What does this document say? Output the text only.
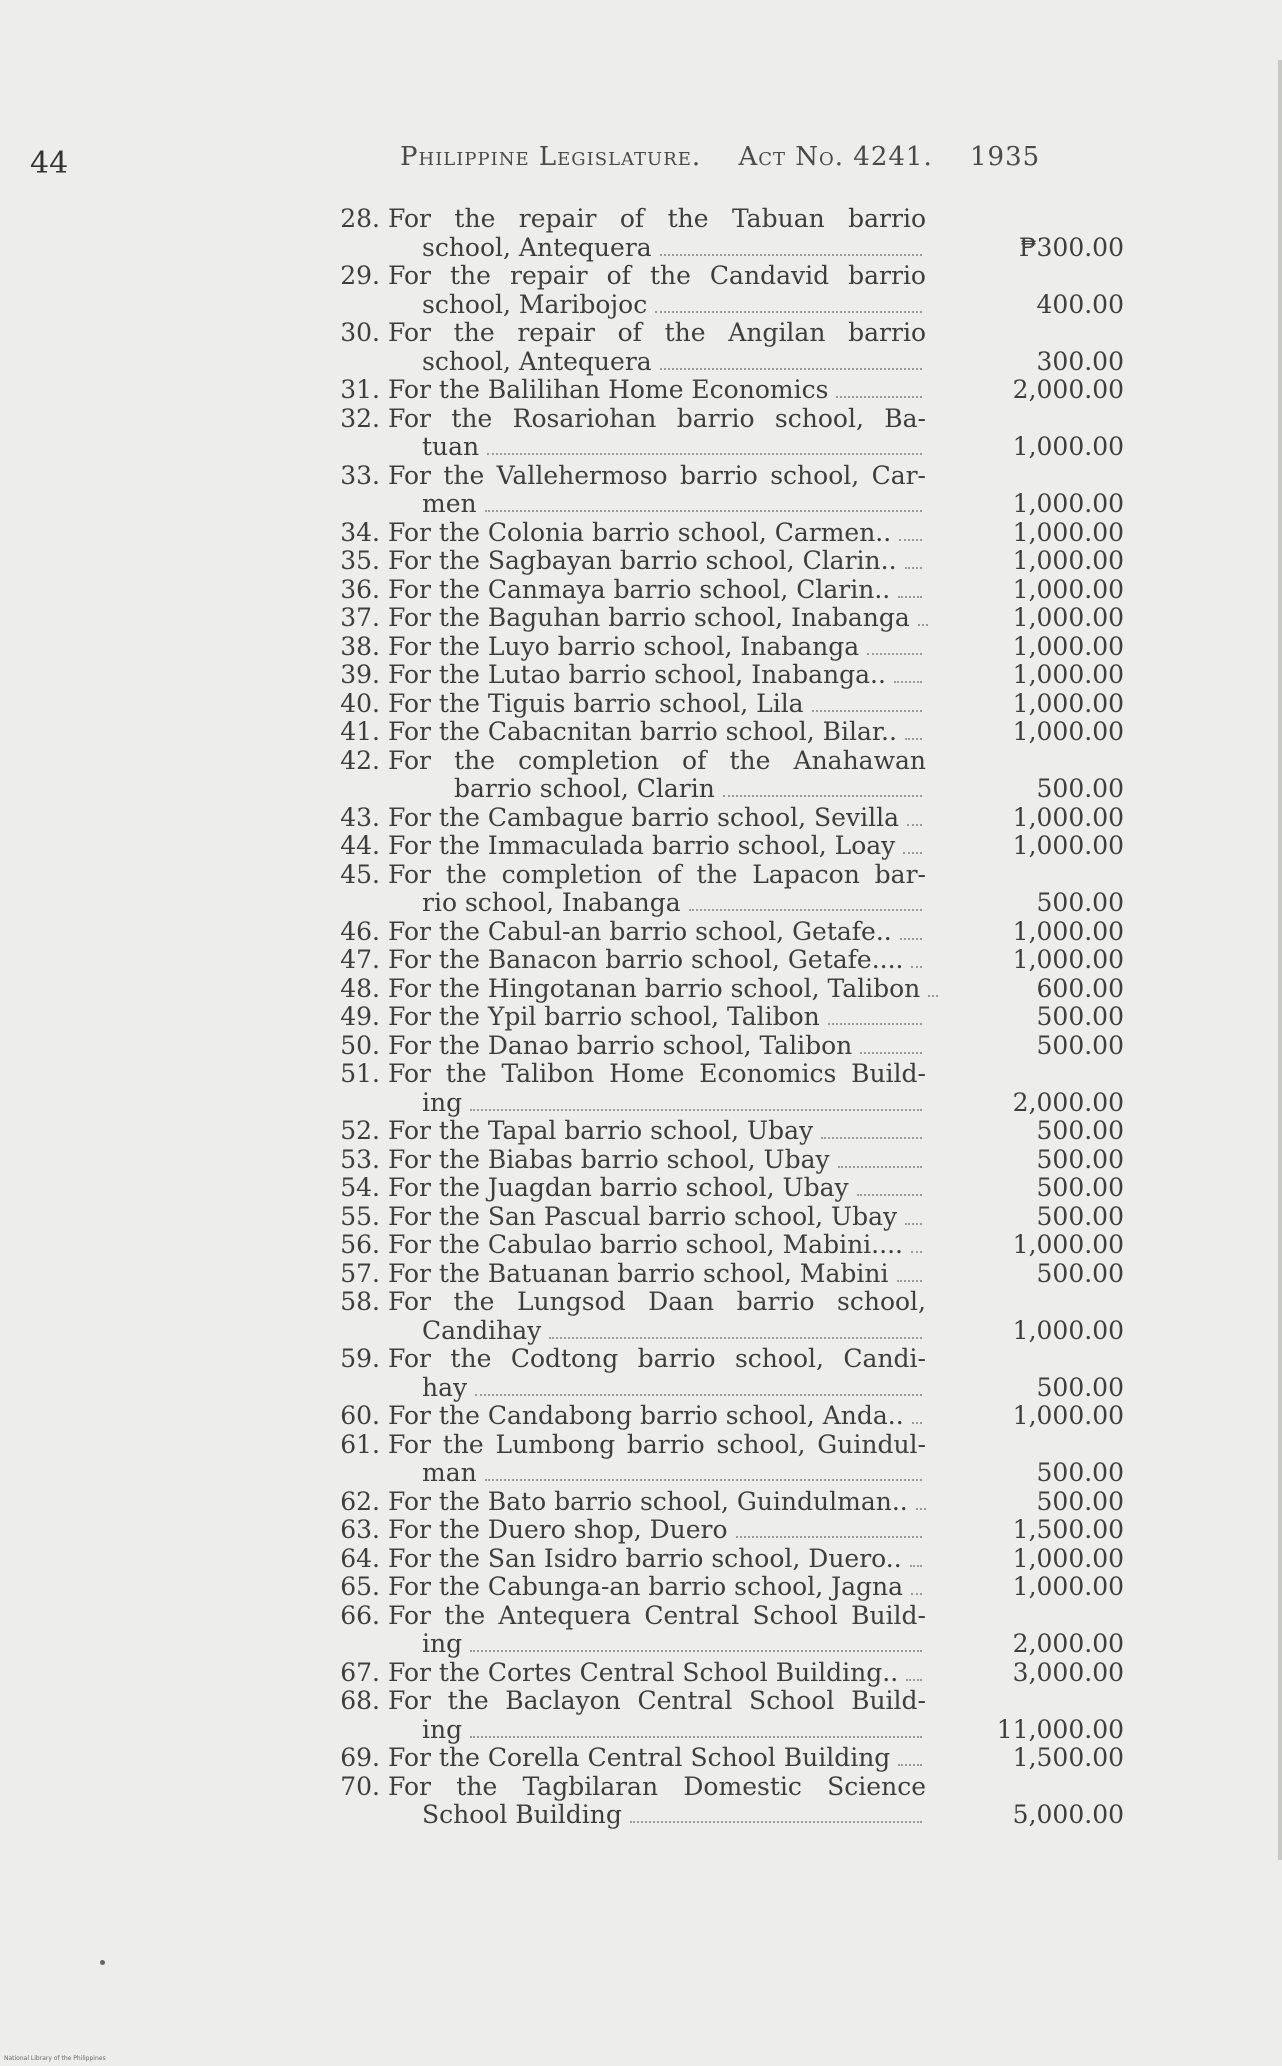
44	Philippine Legislature. Act No. 4241. 1935
28. For the repair of the Tabuan barrio
school, Antequera	₱300.00
29. For the repair of the Candavid barrio
school, Maribojoc	400.00
30. For the repair of the Angilan barrio
school, Antequera	300.00
31. For the Balilihan Home Economics	2,000.00
32. For the Rosariohan barrio school, Ba-
tuan	1,000.00
33. For the Vallehermoso barrio school, Car-
men	1,000.00
34. For the Colonia barrio school, Carmen..	1,000.00
35. For the Sagbayan barrio school, Clarin..	1,000.00
36. For the Canmaya barrio school, Clarin..	1,000.00
37. For the Baguhan barrio school, Inabanga	1,000.00
38. For the Luyo barrio school, Inabanga	1,000.00
39. For the Lutao barrio school, Inabanga..	1,000.00
40. For the Tiguis barrio school, Lila	1,000.00
41. For the Cabacnitan barrio school, Bilar..	1,000.00
42. For the completion of the Anahawan
barrio school, Clarin	500.00
43. For the Cambague barrio school, Sevilla	1,000.00
44. For the Immaculada barrio school, Loay	1,000.00
45. For the completion of the Lapacon bar-
rio school, Inabanga	500.00
46. For the Cabul-an barrio school, Getafe..	1,000.00
47. For the Banacon barrio school, Getafe....	1,000.00
48. For the Hingotanan barrio school, Talibon	600.00
49. For the Ypil barrio school, Talibon	500.00
50. For the Danao barrio school, Talibon	500.00
51. For the Talibon Home Economics Build-
ing	2,000.00
52. For the Tapal barrio school, Ubay	500.00
53. For the Biabas barrio school, Ubay	500.00
54. For the Juagdan barrio school, Ubay	500.00
55. For the San Pascual barrio school, Ubay	500.00
56. For the Cabulao barrio school, Mabini....	1,000.00
57. For the Batuanan barrio school, Mabini	500.00
58. For the Lungsod Daan barrio school,
Candihay	1,000.00
59. For the Codtong barrio school, Candi-
hay	500.00
60. For the Candabong barrio school, Anda..	1,000.00
61. For the Lumbong barrio school, Guindul-
man	500.00
62. For the Bato barrio school, Guindulman..	500.00
63. For the Duero shop, Duero	1,500.00
64. For the San Isidro barrio school, Duero..	1,000.00
65. For the Cabunga-an barrio school, Jagna	1,000.00
66. For the Antequera Central School Build-
ing	2,000.00
67. For the Cortes Central School Building..	3,000.00
68. For the Baclayon Central School Build-
ing	11,000.00
69. For the Corella Central School Building	1,500.00
70. For the Tagbilaran Domestic Science
School Building	5,000.00
National Library of the Philippines
